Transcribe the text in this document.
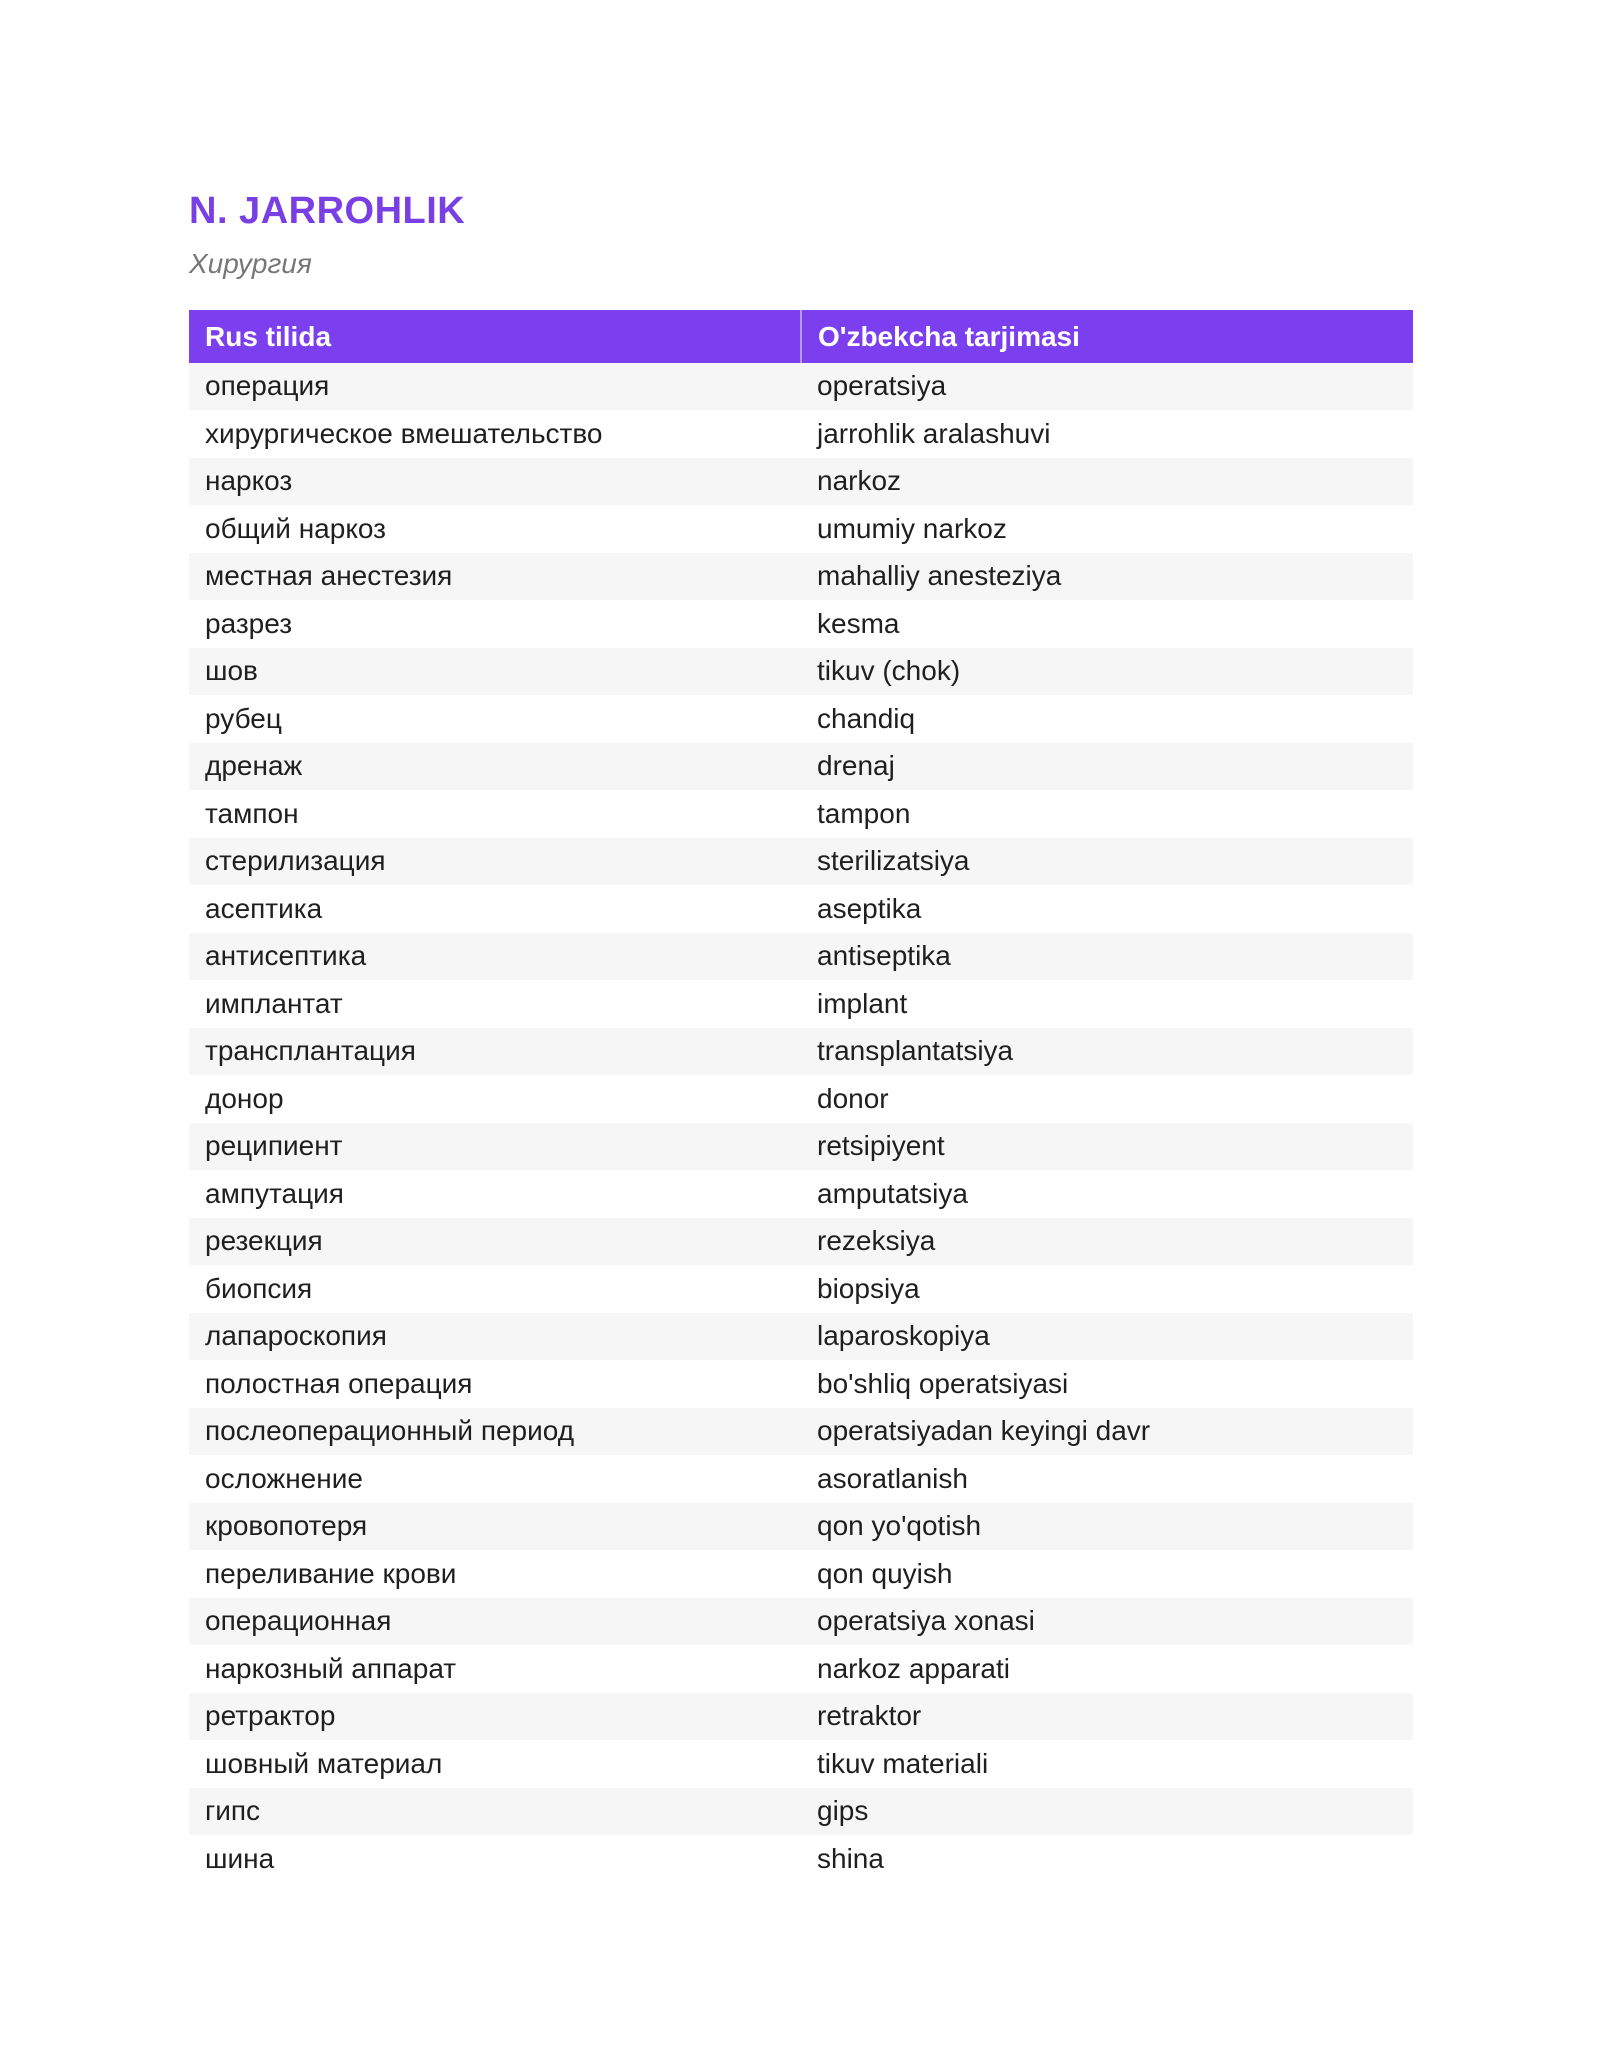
N. JARROHLIK
Хирургия
Rus tilida	O'zbekcha tarjimasi
операция	operatsiya
хирургическое вмешательство	jarrohlik aralashuvi
наркоз	narkoz
общий наркоз	umumiy narkoz
местная анестезия	mahalliy anesteziya
разрез	kesma
шов	tikuv (chok)
рубец	chandiq
дренаж	drenaj
тампон	tampon
стерилизация	sterilizatsiya
асептика	aseptika
антисептика	antiseptika
имплантат	implant
трансплантация	transplantatsiya
донор	donor
реципиент	retsipiyent
ампутация	amputatsiya
резекция	rezeksiya
биопсия	biopsiya
лапароскопия	laparoskopiya
полостная операция	bo'shliq operatsiyasi
послеоперационный период	operatsiyadan keyingi davr
осложнение	asoratlanish
кровопотеря	qon yo'qotish
переливание крови	qon quyish
операционная	operatsiya xonasi
наркозный аппарат	narkoz apparati
ретрактор	retraktor
шовный материал	tikuv materiali
гипс	gips
шина	shina
